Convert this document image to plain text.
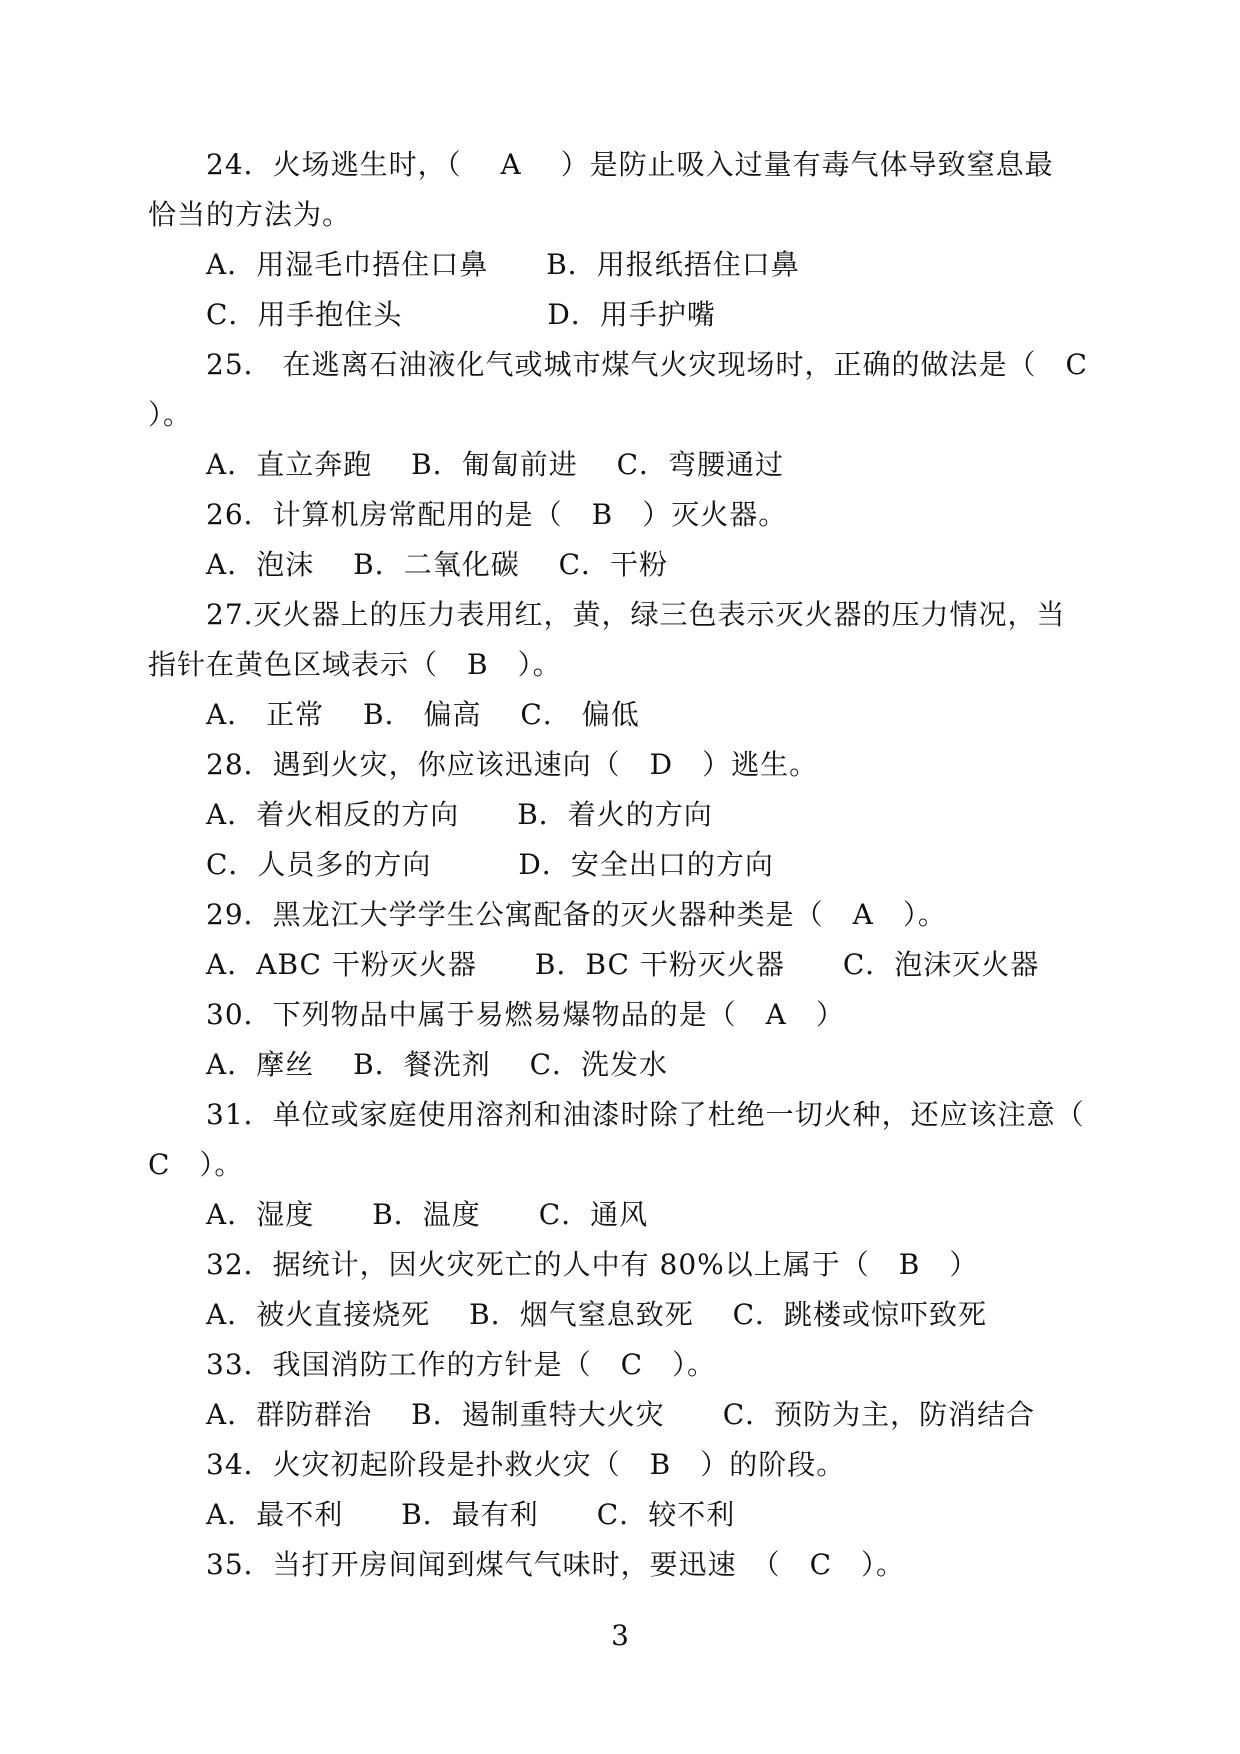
24．火场逃生时，（　 A　 ）是防止吸入过量有毒气体导致窒息最
恰当的方法为。
A．用湿毛巾捂住口鼻　　B．用报纸捂住口鼻
C．用手抱住头　　　　　D．用手护嘴
25． 在逃离石油液化气或城市煤气火灾现场时，正确的做法是（　C
）。
A．直立奔跑　 B．匍匐前进　 C．弯腰通过
26．计算机房常配用的是（　B　）灭火器。
A．泡沫　 B．二氧化碳　 C．干粉
27.灭火器上的压力表用红，黄，绿三色表示灭火器的压力情况，当
指针在黄色区域表示（　B　）。
A． 正常　 B． 偏高　 C． 偏低
28．遇到火灾，你应该迅速向（　D　）逃生。
A．着火相反的方向　　B．着火的方向
C．人员多的方向　　　D．安全出口的方向
29．黑龙江大学学生公寓配备的灭火器种类是（　A　）。
A．ABC 干粉灭火器　　B．BC 干粉灭火器　　C．泡沫灭火器
30．下列物品中属于易燃易爆物品的是（　A　）
A．摩丝　 B．餐洗剂　 C．洗发水
31．单位或家庭使用溶剂和油漆时除了杜绝一切火种，还应该注意（
C　）。
A．湿度　　B．温度　　C．通风
32．据统计，因火灾死亡的人中有 80%以上属于（　B　）
A．被火直接烧死　 B．烟气窒息致死　 C．跳楼或惊吓致死
33．我国消防工作的方针是（　C　）。
A．群防群治　 B．遏制重特大火灾　　C．预防为主，防消结合
34．火灾初起阶段是扑救火灾（　B　）的阶段。
A．最不利　　B．最有利　　C．较不利
35．当打开房间闻到煤气气味时，要迅速　（　C　）。
3
